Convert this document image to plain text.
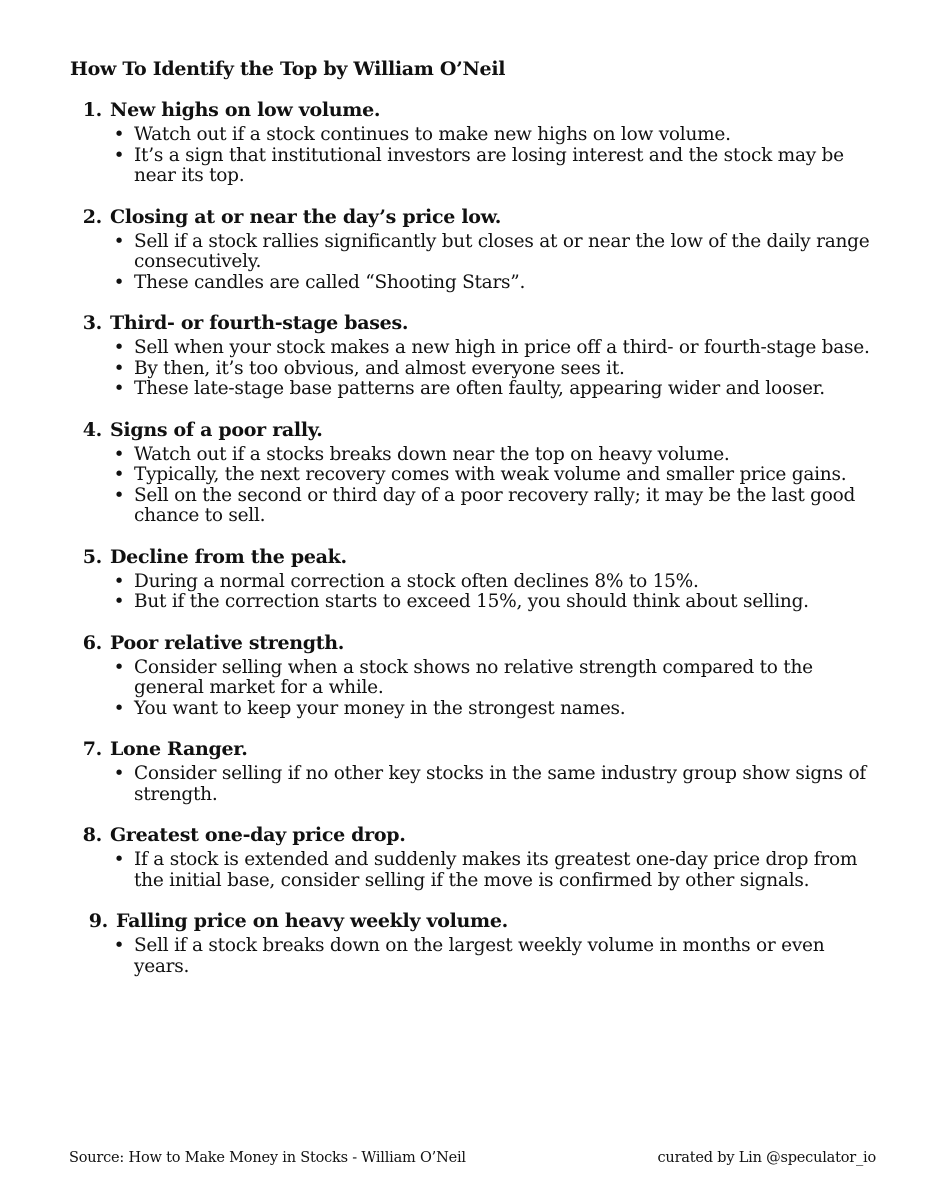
How To Identify the Top by William O’Neil
1. New highs on low volume.
• Watch out if a stock continues to make new highs on low volume.
• It’s a sign that institutional investors are losing interest and the stock may be near its top.
2. Closing at or near the day’s price low.
• Sell if a stock rallies significantly but closes at or near the low of the daily range consecutively.
• These candles are called “Shooting Stars”.
3. Third- or fourth-stage bases.
• Sell when your stock makes a new high in price off a third- or fourth-stage base.
• By then, it’s too obvious, and almost everyone sees it.
• These late-stage base patterns are often faulty, appearing wider and looser.
4. Signs of a poor rally.
• Watch out if a stocks breaks down near the top on heavy volume.
• Typically, the next recovery comes with weak volume and smaller price gains.
• Sell on the second or third day of a poor recovery rally; it may be the last good chance to sell.
5. Decline from the peak.
• During a normal correction a stock often declines 8% to 15%.
• But if the correction starts to exceed 15%, you should think about selling.
6. Poor relative strength.
• Consider selling when a stock shows no relative strength compared to the general market for a while.
• You want to keep your money in the strongest names.
7. Lone Ranger.
• Consider selling if no other key stocks in the same industry group show signs of strength.
8. Greatest one-day price drop.
• If a stock is extended and suddenly makes its greatest one-day price drop from the initial base, consider selling if the move is confirmed by other signals.
9. Falling price on heavy weekly volume.
• Sell if a stock breaks down on the largest weekly volume in months or even years.
Source: How to Make Money in Stocks - William O’Neil	curated by Lin @speculator_io
